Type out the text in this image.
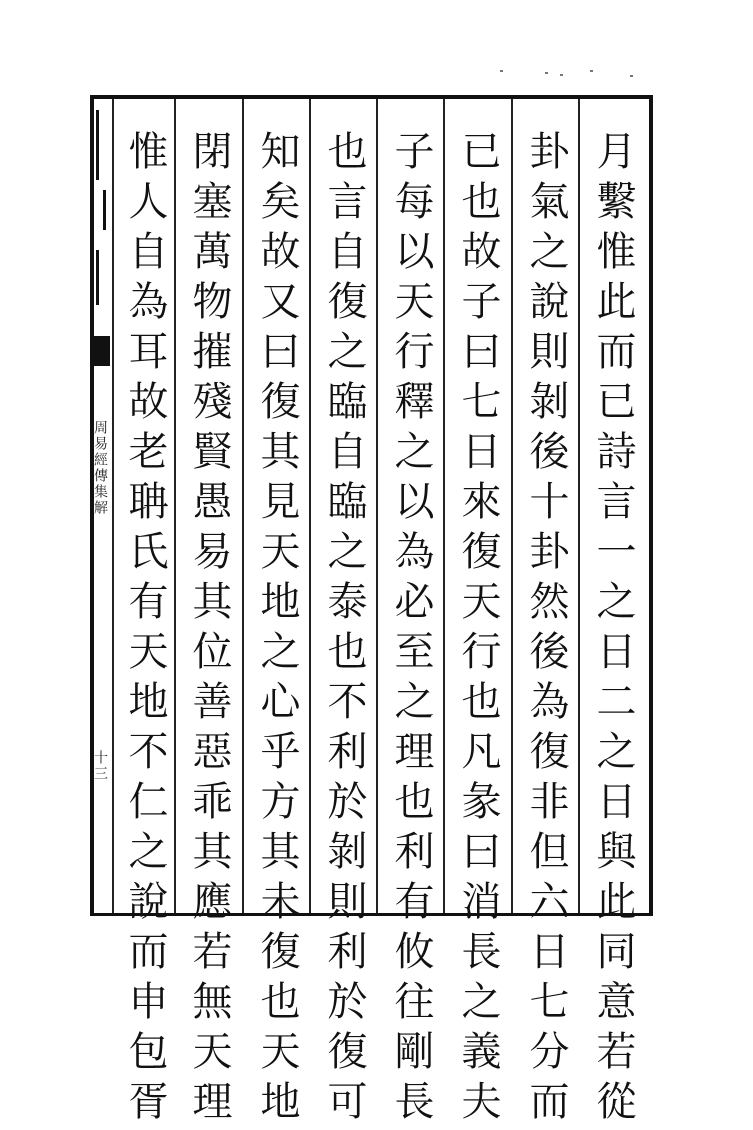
月繫惟此而已詩言一之日二之日與此同意若從
卦氣之說則剝後十卦然後為復非但六日七分而
已也故子曰七日來復天行也凡彖曰消長之義夫
子每以天行釋之以為必至之理也利有攸往剛長
也言自復之臨自臨之泰也不利於剝則利於復可
知矣故又曰復其見天地之心乎方其未復也天地
閉塞萬物摧殘賢愚易其位善惡乖其應若無天理
惟人自為耳故老聃氏有天地不仁之說而申包胥
周易經傳集解
十三
